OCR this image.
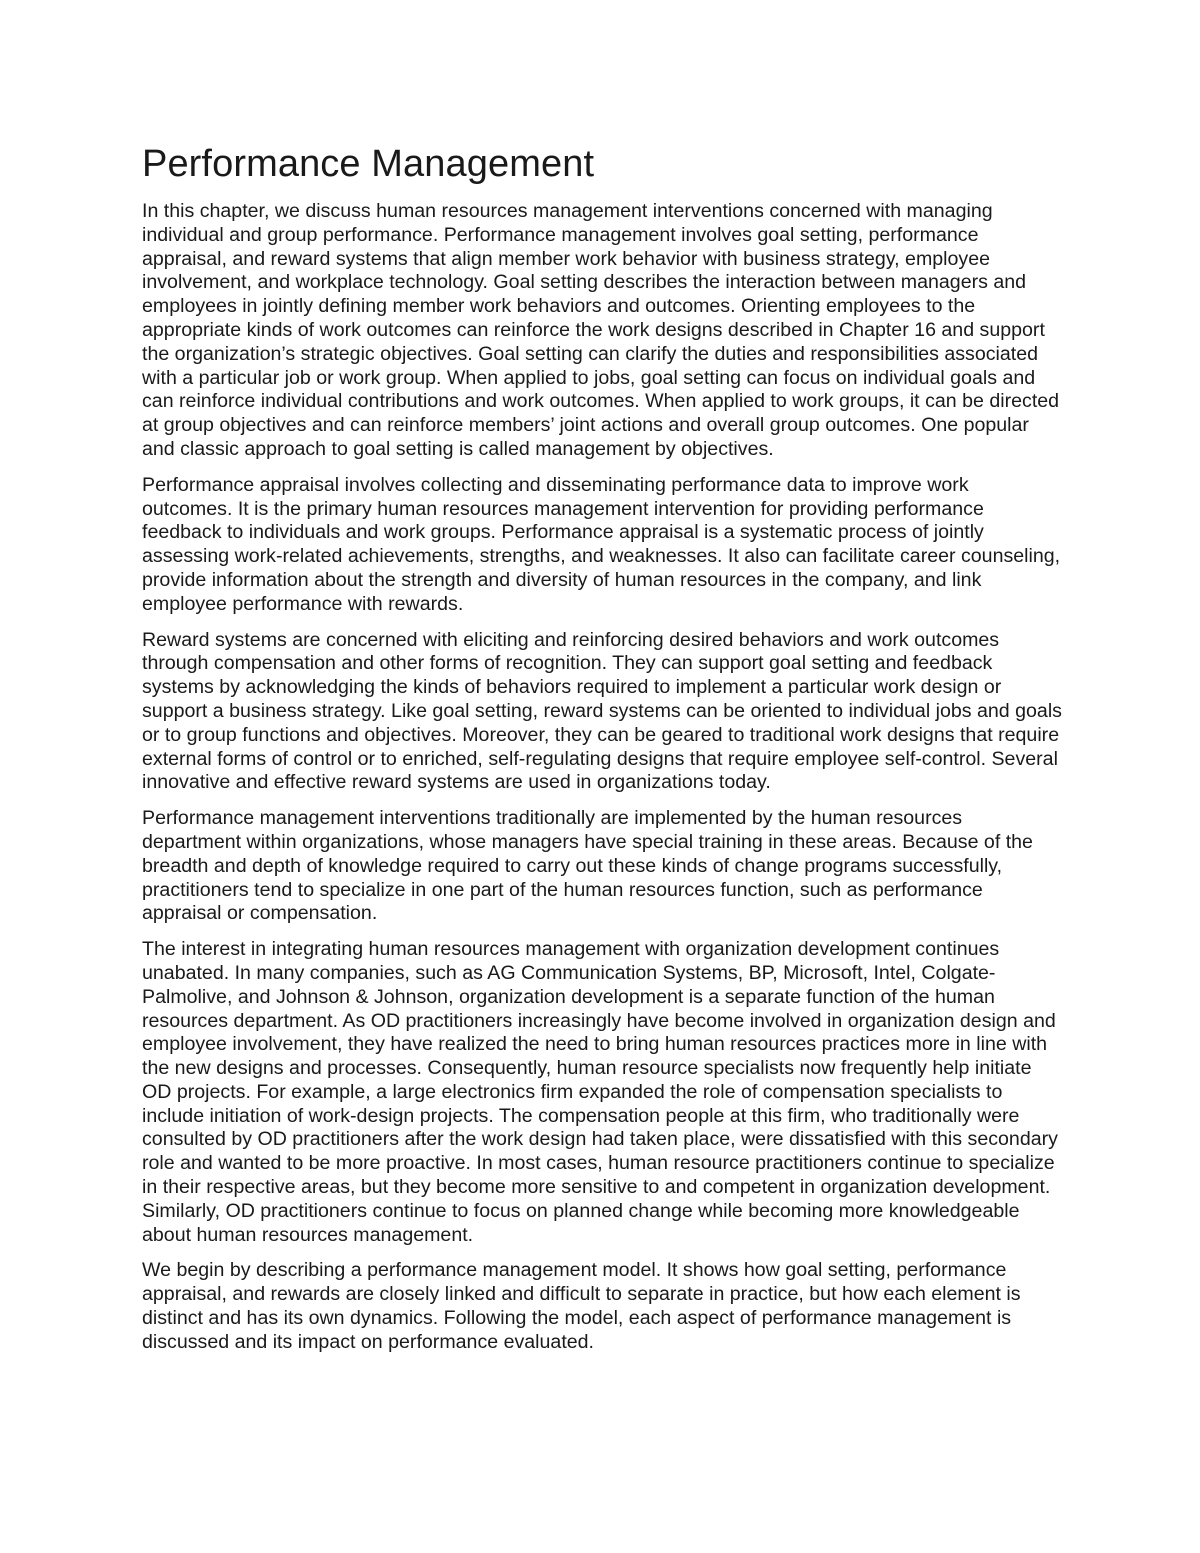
Performance Management

In this chapter, we discuss human resources management interventions concerned with managing individual and group performance. Performance management involves goal setting, performance appraisal, and reward systems that align member work behavior with business strategy, employee involvement, and workplace technology. Goal setting describes the interaction between managers and employees in jointly defining member work behaviors and outcomes. Orienting employees to the appropriate kinds of work outcomes can reinforce the work designs described in Chapter 16 and support the organization’s strategic objectives. Goal setting can clarify the duties and responsibilities associated with a particular job or work group. When applied to jobs, goal setting can focus on individual goals and can reinforce individual contributions and work outcomes. When applied to work groups, it can be directed at group objectives and can reinforce members’ joint actions and overall group outcomes. One popular and classic approach to goal setting is called management by objectives.

Performance appraisal involves collecting and disseminating performance data to improve work outcomes. It is the primary human resources management intervention for providing performance feedback to individuals and work groups. Performance appraisal is a systematic process of jointly assessing work-related achievements, strengths, and weaknesses. It also can facilitate career counseling, provide information about the strength and diversity of human resources in the company, and link employee performance with rewards.

Reward systems are concerned with eliciting and reinforcing desired behaviors and work outcomes through compensation and other forms of recognition. They can support goal setting and feedback systems by acknowledging the kinds of behaviors required to implement a particular work design or support a business strategy. Like goal setting, reward systems can be oriented to individual jobs and goals or to group functions and objectives. Moreover, they can be geared to traditional work designs that require external forms of control or to enriched, self-regulating designs that require employee self-control. Several innovative and effective reward systems are used in organizations today.

Performance management interventions traditionally are implemented by the human resources department within organizations, whose managers have special training in these areas. Because of the breadth and depth of knowledge required to carry out these kinds of change programs successfully, practitioners tend to specialize in one part of the human resources function, such as performance appraisal or compensation.

The interest in integrating human resources management with organization development continues unabated. In many companies, such as AG Communication Systems, BP, Microsoft, Intel, Colgate-Palmolive, and Johnson & Johnson, organization development is a separate function of the human resources department. As OD practitioners increasingly have become involved in organization design and employee involvement, they have realized the need to bring human resources practices more in line with the new designs and processes. Consequently, human resource specialists now frequently help initiate OD projects. For example, a large electronics firm expanded the role of compensation specialists to include initiation of work-design projects. The compensation people at this firm, who traditionally were consulted by OD practitioners after the work design had taken place, were dissatisfied with this secondary role and wanted to be more proactive. In most cases, human resource practitioners continue to specialize in their respective areas, but they become more sensitive to and competent in organization development. Similarly, OD practitioners continue to focus on planned change while becoming more knowledgeable about human resources management.

We begin by describing a performance management model. It shows how goal setting, performance appraisal, and rewards are closely linked and difficult to separate in practice, but how each element is distinct and has its own dynamics. Following the model, each aspect of performance management is discussed and its impact on performance evaluated.
